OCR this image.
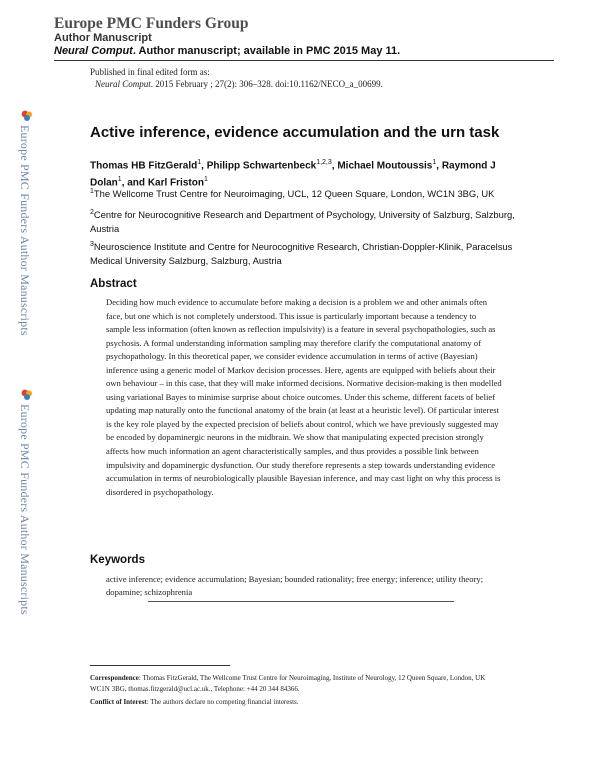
Europe PMC Funders Group
Author Manuscript
Neural Comput. Author manuscript; available in PMC 2015 May 11.
Published in final edited form as:
Neural Comput. 2015 February ; 27(2): 306–328. doi:10.1162/NECO_a_00699.
Europe PMC Funders Author Manuscripts
Europe PMC Funders Author Manuscripts
Active inference, evidence accumulation and the urn task
Thomas HB FitzGerald$^1$, Philipp Schwartenbeck$^{1,2,3}$, Michael Moutoussis$^1$, Raymond J Dolan$^1$, and Karl Friston$^1$
$^1$The Wellcome Trust Centre for Neuroimaging, UCL, 12 Queen Square, London, WC1N 3BG, UK
$^2$Centre for Neurocognitive Research and Department of Psychology, University of Salzburg, Salzburg, Austria
$^3$Neuroscience Institute and Centre for Neurocognitive Research, Christian-Doppler-Klinik, Paracelsus Medical University Salzburg, Salzburg, Austria
Abstract
Deciding how much evidence to accumulate before making a decision is a problem we and other animals often face, but one which is not completely understood. This issue is particularly important because a tendency to sample less information (often known as reflection impulsivity) is a feature in several psychopathologies, such as psychosis. A formal understanding information sampling may therefore clarify the computational anatomy of psychopathology. In this theoretical paper, we consider evidence accumulation in terms of active (Bayesian) inference using a generic model of Markov decision processes. Here, agents are equipped with beliefs about their own behaviour – in this case, that they will make informed decisions. Normative decision-making is then modelled using variational Bayes to minimise surprise about choice outcomes. Under this scheme, different facets of belief updating map naturally onto the functional anatomy of the brain (at least at a heuristic level). Of particular interest is the key role played by the expected precision of beliefs about control, which we have previously suggested may be encoded by dopaminergic neurons in the midbrain. We show that manipulating expected precision strongly affects how much information an agent characteristically samples, and thus provides a possible link between impulsivity and dopaminergic dysfunction. Our study therefore represents a step towards understanding evidence accumulation in terms of neurobiologically plausible Bayesian inference, and may cast light on why this process is disordered in psychopathology.
Keywords
active inference; evidence accumulation; Bayesian; bounded rationality; free energy; inference; utility theory; dopamine; schizophrenia
Correspondence: Thomas FitzGerald, The Wellcome Trust Centre for Neuroimaging, Institute of Neurology, 12 Queen Square, London, UK WC1N 3BG, thomas.fitzgerald@ucl.ac.uk., Telephone: +44 20 344 84366.
Conflict of Interest: The authors declare no competing financial interests.
